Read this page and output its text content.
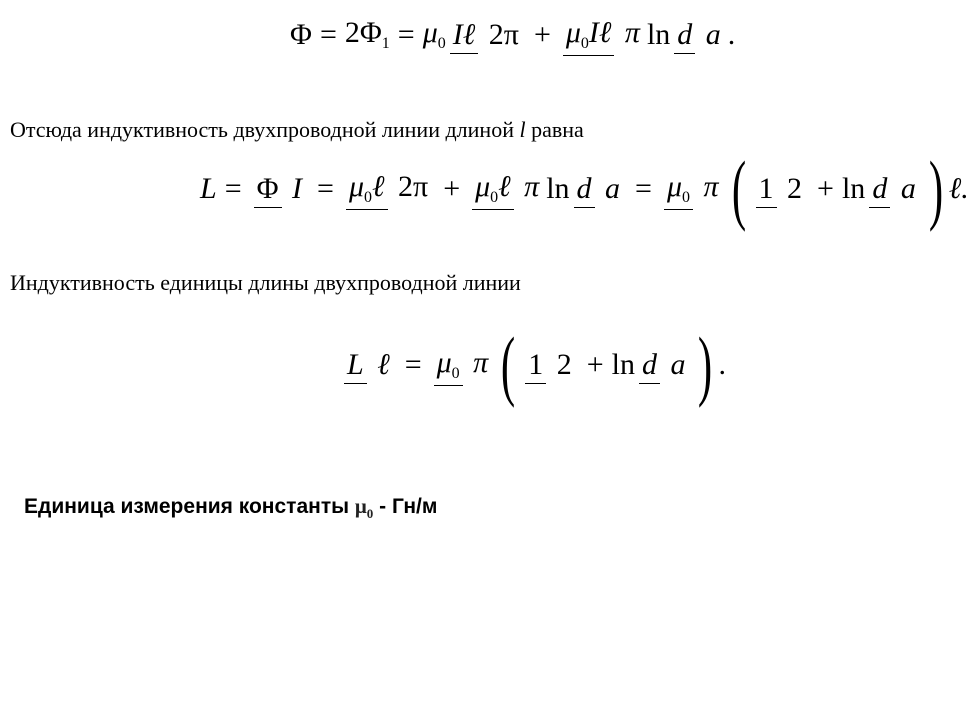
Φ = 2Φ1 = μ0 Iℓ 2π + μ0Iℓ π ln d a .
Отсюда индуктивность двухпроводной линии длиной l равна
L = Φ I = μ0ℓ 2π + μ0ℓ π ln d a = μ0 π ( 1 2 + ln d a ) ℓ.
Индуктивность единицы длины двухпроводной линии
L ℓ = μ0 π ( 1 2 + ln d a ) .
Единица измерения константы $\mu_0 - Гн/м$
